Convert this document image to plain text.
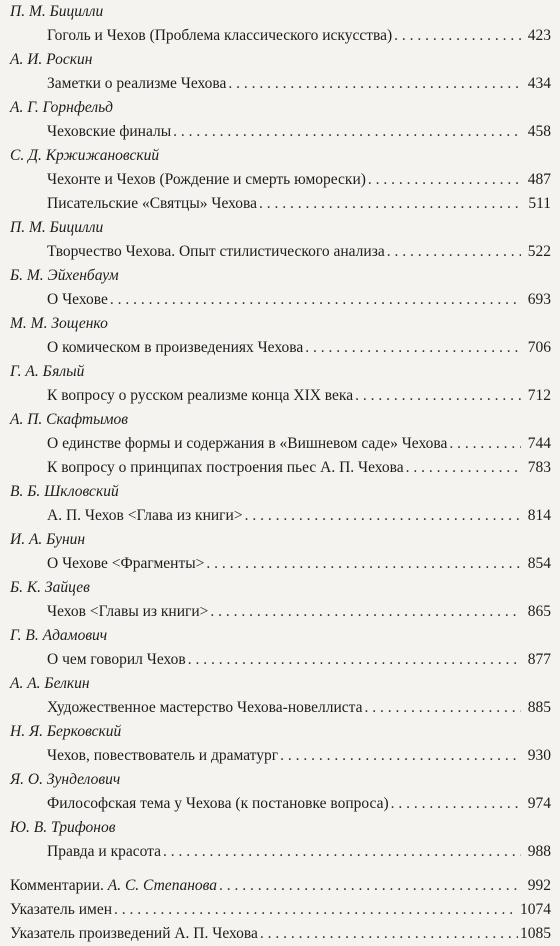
П. М. Бицилли
Гоголь и Чехов (Проблема классического искусства) . . .	423
А. И. Роскин
Заметки о реализме Чехова . . .	434
А. Г. Горнфельд
Чеховские финалы . . .	458
С. Д. Кржижановский
Чехонте и Чехов (Рождение и смерть юморески) . . .	487
Писательские «Святцы» Чехова . . .	511
П. М. Бицилли
Творчество Чехова. Опыт стилистического анализа . . .	522
Б. М. Эйхенбаум
О Чехове . . .	693
М. М. Зощенко
О комическом в произведениях Чехова . . .	706
Г. А. Бялый
К вопросу о русском реализме конца XIX века . . .	712
А. П. Скафтымов
О единстве формы и содержания в «Вишневом саде» Чехова . . .	744
К вопросу о принципах построения пьес А. П. Чехова . . .	783
В. Б. Шкловский
А. П. Чехов <Глава из книги> . . .	814
И. А. Бунин
О Чехове <Фрагменты> . . .	854
Б. К. Зайцев
Чехов <Главы из книги> . . .	865
Г. В. Адамович
О чем говорил Чехов . . .	877
А. А. Белкин
Художественное мастерство Чехова-новеллиста . . .	885
Н. Я. Берковский
Чехов, повествователь и драматург . . .	930
Я. О. Зунделович
Философская тема у Чехова (к постановке вопроса) . . .	974
Ю. В. Трифонов
Правда и красота . . .	988
Комментарии. А. С. Степанова . . .	992
Указатель имен . . .	1074
Указатель произведений А. П. Чехова . . .	1085
